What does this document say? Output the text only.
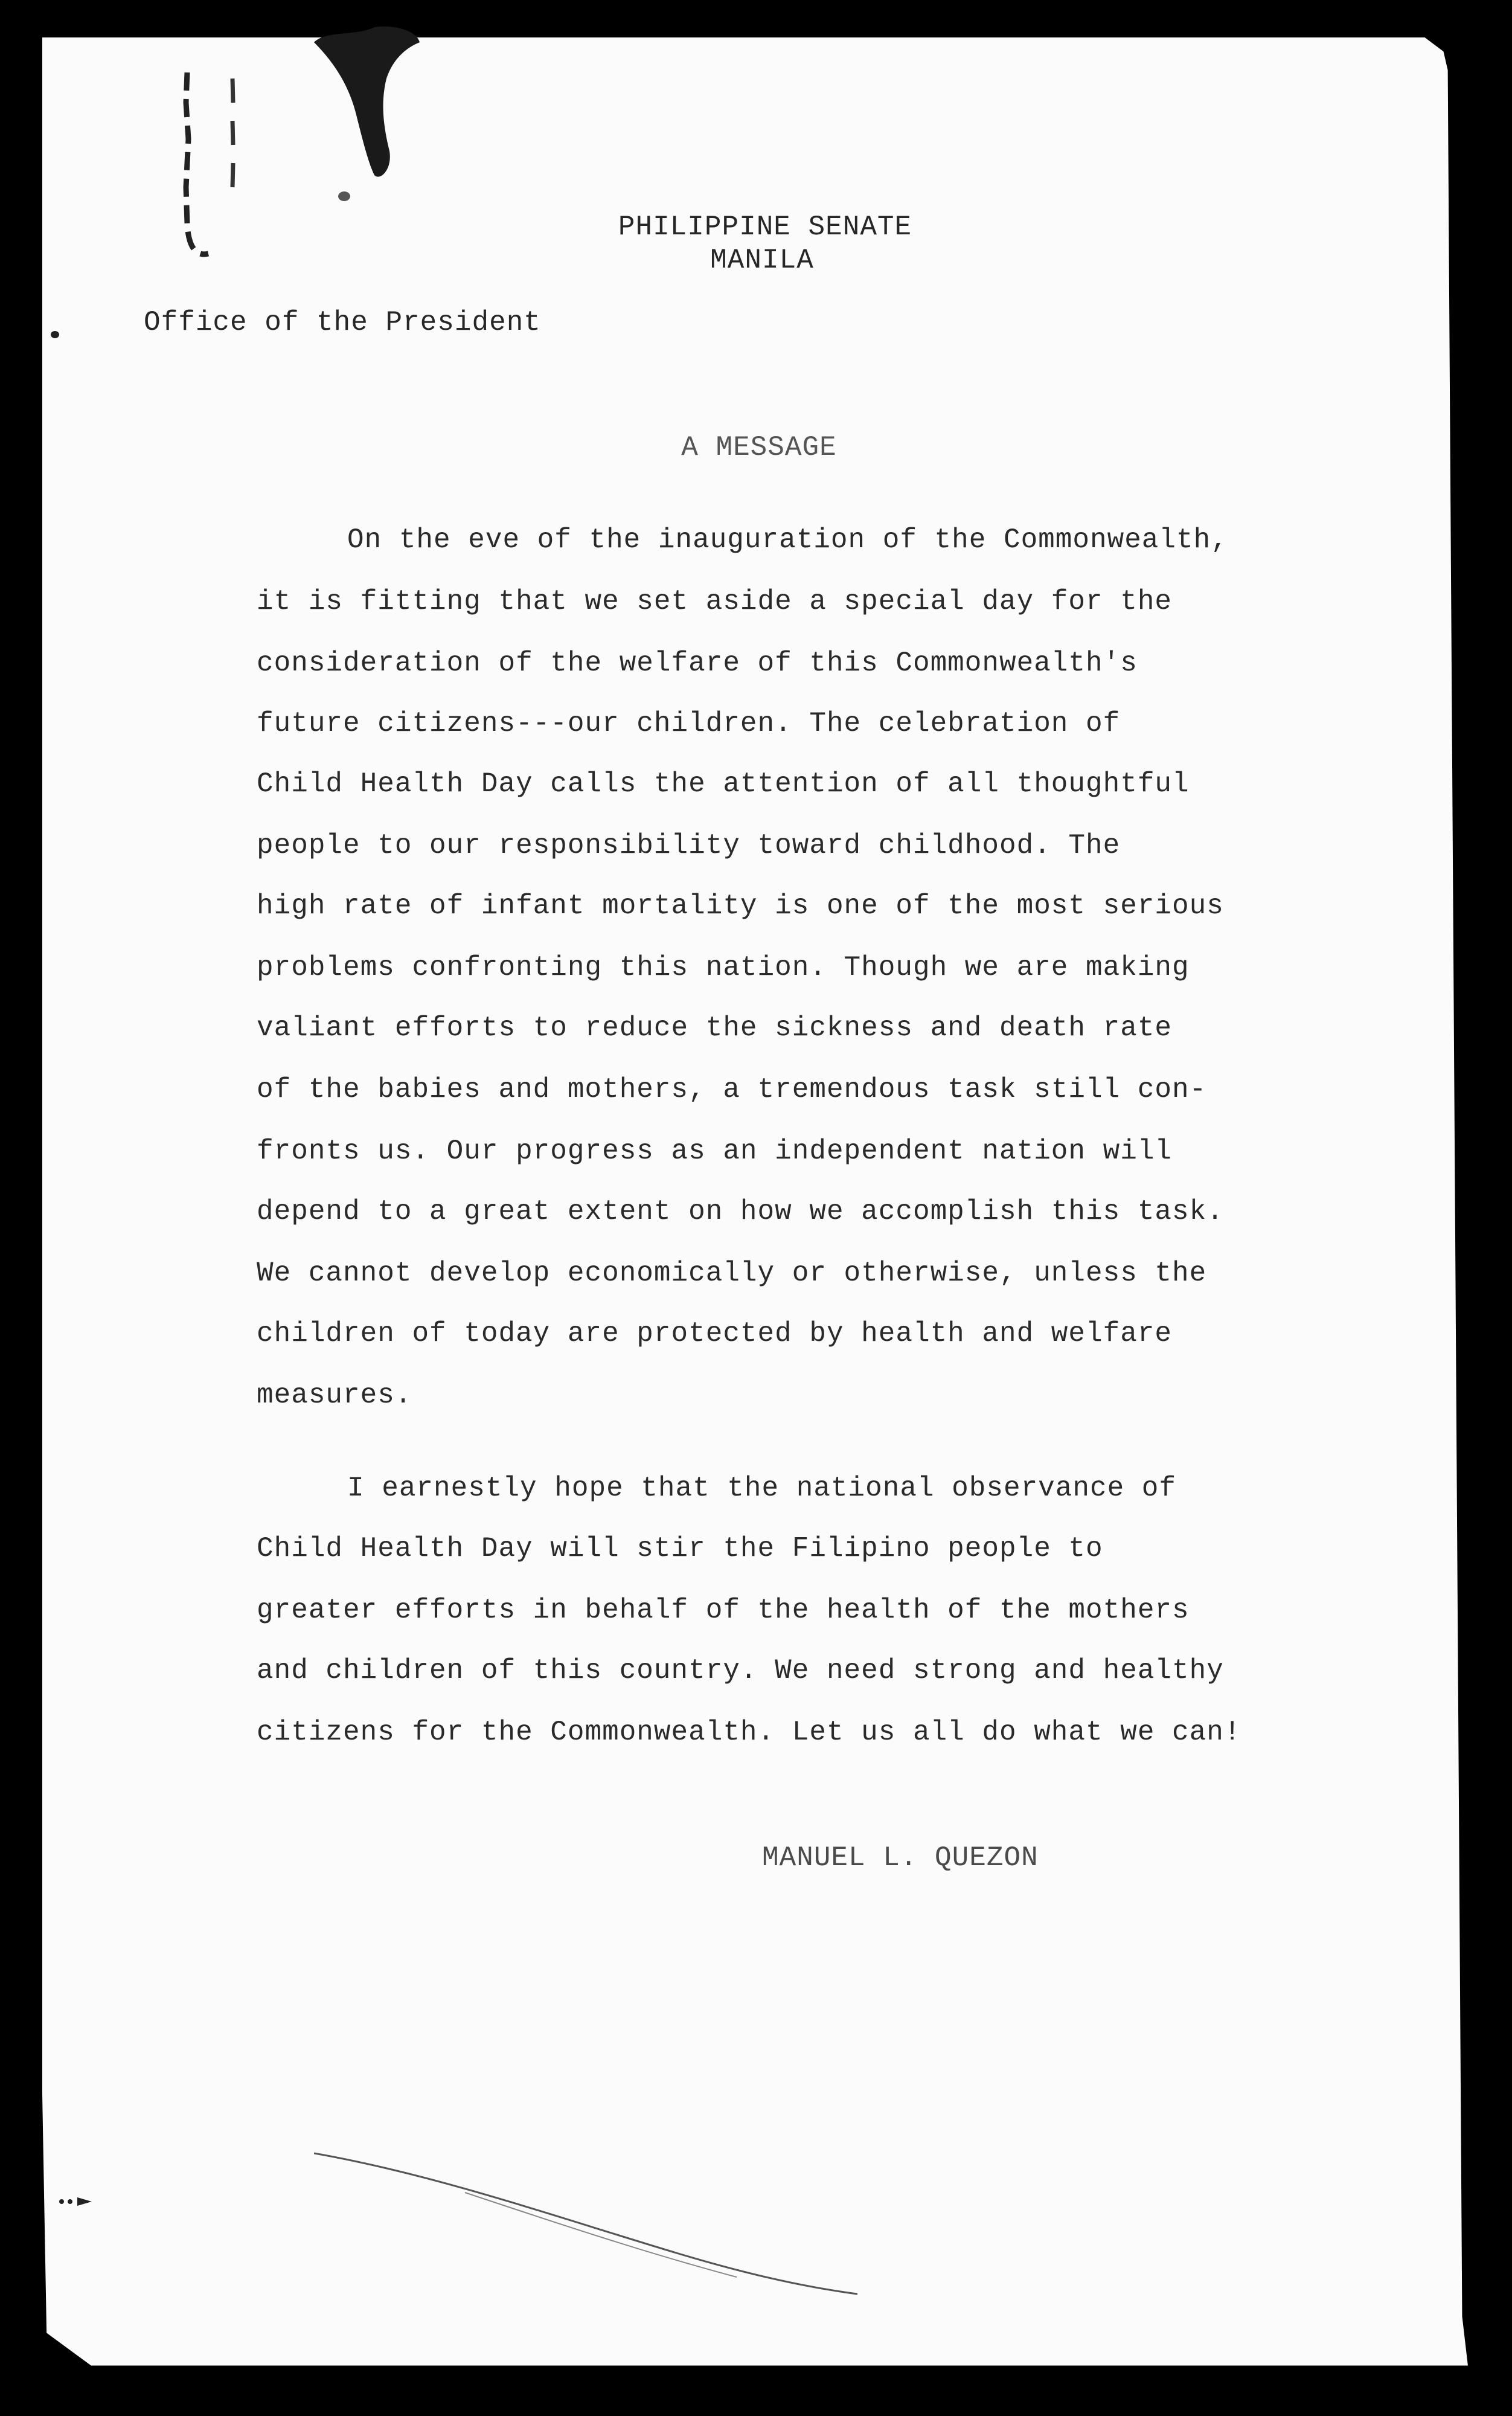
PHILIPPINE SENATE
MANILA
Office of the President
A MESSAGE
On the eve of the inauguration of the Commonwealth,
it is fitting that we set aside a special day for the
consideration of the welfare of this Commonwealth's
future citizens---our children. The celebration of
Child Health Day calls the attention of all thoughtful
people to our responsibility toward childhood. The
high rate of infant mortality is one of the most serious
problems confronting this nation. Though we are making
valiant efforts to reduce the sickness and death rate
of the babies and mothers, a tremendous task still con-
fronts us. Our progress as an independent nation will
depend to a great extent on how we accomplish this task.
We cannot develop economically or otherwise, unless the
children of today are protected by health and welfare
measures.
I earnestly hope that the national observance of
Child Health Day will stir the Filipino people to
greater efforts in behalf of the health of the mothers
and children of this country. We need strong and healthy
citizens for the Commonwealth. Let us all do what we can!
MANUEL L. QUEZON
